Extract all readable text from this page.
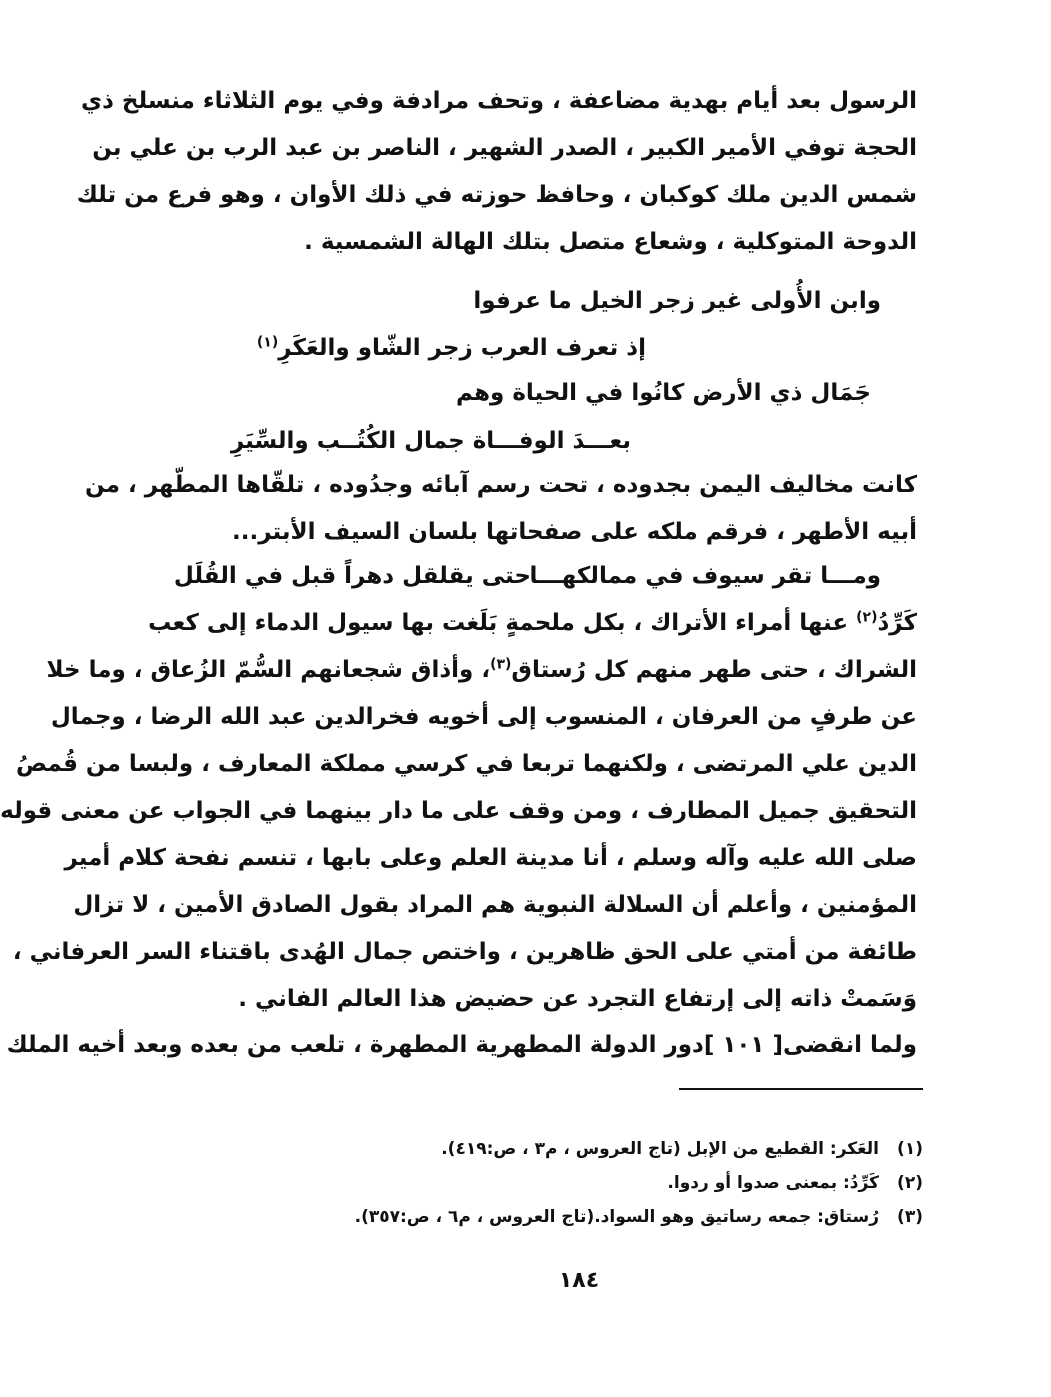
الرسول بعد أيام بهدية مضاعفة ، وتحف مرادفة وفي يوم الثلاثاء منسلخ ذي
الحجة توفي الأمير الكبير ، الصدر الشهير ، الناصر بن عبد الرب بن علي بن
شمس الدين ملك كوكبان ، وحافظ حوزته في ذلك الأوان ، وهو فرع من تلك
الدوحة المتوكلية ، وشعاع متصل بتلك الهالة الشمسية .
وابن الأُولى غير زجر الخيل ما عرفوا
إذ تعرف العرب زجر الشّاو والعَكَرِ$^{(١)}$
جَمَال ذي الأرض كانُوا في الحياة وهم
بعـــدَ الوفـــاة جمال الكُتُــب والسِّيَرِ
كانت مخاليف اليمن بجدوده ، تحت رسم آبائه وجدُوده ، تلقّاها المطّهر ، من
أبيه الأطهر ، فرقم ملكه على صفحاتها بلسان السيف الأبتر...
ومـــا تقر سيوف في ممالكهـــا
حتى يقلقل دهراً قبل في القُلَل
كَرِّدُ$^{(٢)}$ عنها أمراء الأتراك ، بكل ملحمةٍ بَلَغت بها سيول الدماء إلى كعب
الشراك ، حتى طهر منهم كل رُستاق$^{(٣)}$، وأذاق شجعانهم السُّمّ الزُعاق ، وما خلا
عن طرفٍ من العرفان ، المنسوب إلى أخويه فخرالدين عبد الله الرضا ، وجمال
الدين علي المرتضى ، ولكنهما تربعا في كرسي مملكة المعارف ، ولبسا من قُمصُ
التحقيق جميل المطارف ، ومن وقف على ما دار بينهما في الجواب عن معنى قوله
صلى الله عليه وآله وسلم ، أنا مدينة العلم وعلى بابها ، تنسم نفحة كلام أمير
المؤمنين ، وأعلم أن السلالة النبوية هم المراد بقول الصادق الأمين ، لا تزال
طائفة من أمتي على الحق ظاهرين ، واختص جمال الهُدى باقتناء السر العرفاني ،
وَسَمتْ ذاته إلى إرتفاع التجرد عن حضيض هذا العالم الفاني .
ولما انقضى[ ١٠١ ]دور الدولة المطهرية المطهرة ، تلعب من بعده وبعد أخيه الملك
(١)العَكر: القطيع من الإبل (تاج العروس ، م٣ ، ص:٤١٩).
(٢)كَرِّدُ: بمعنى صدوا أو ردوا.
(٣)رُستاق: جمعه رساتيق وهو السواد.(تاج العروس ، م٦ ، ص:٣٥٧).
١٨٤
